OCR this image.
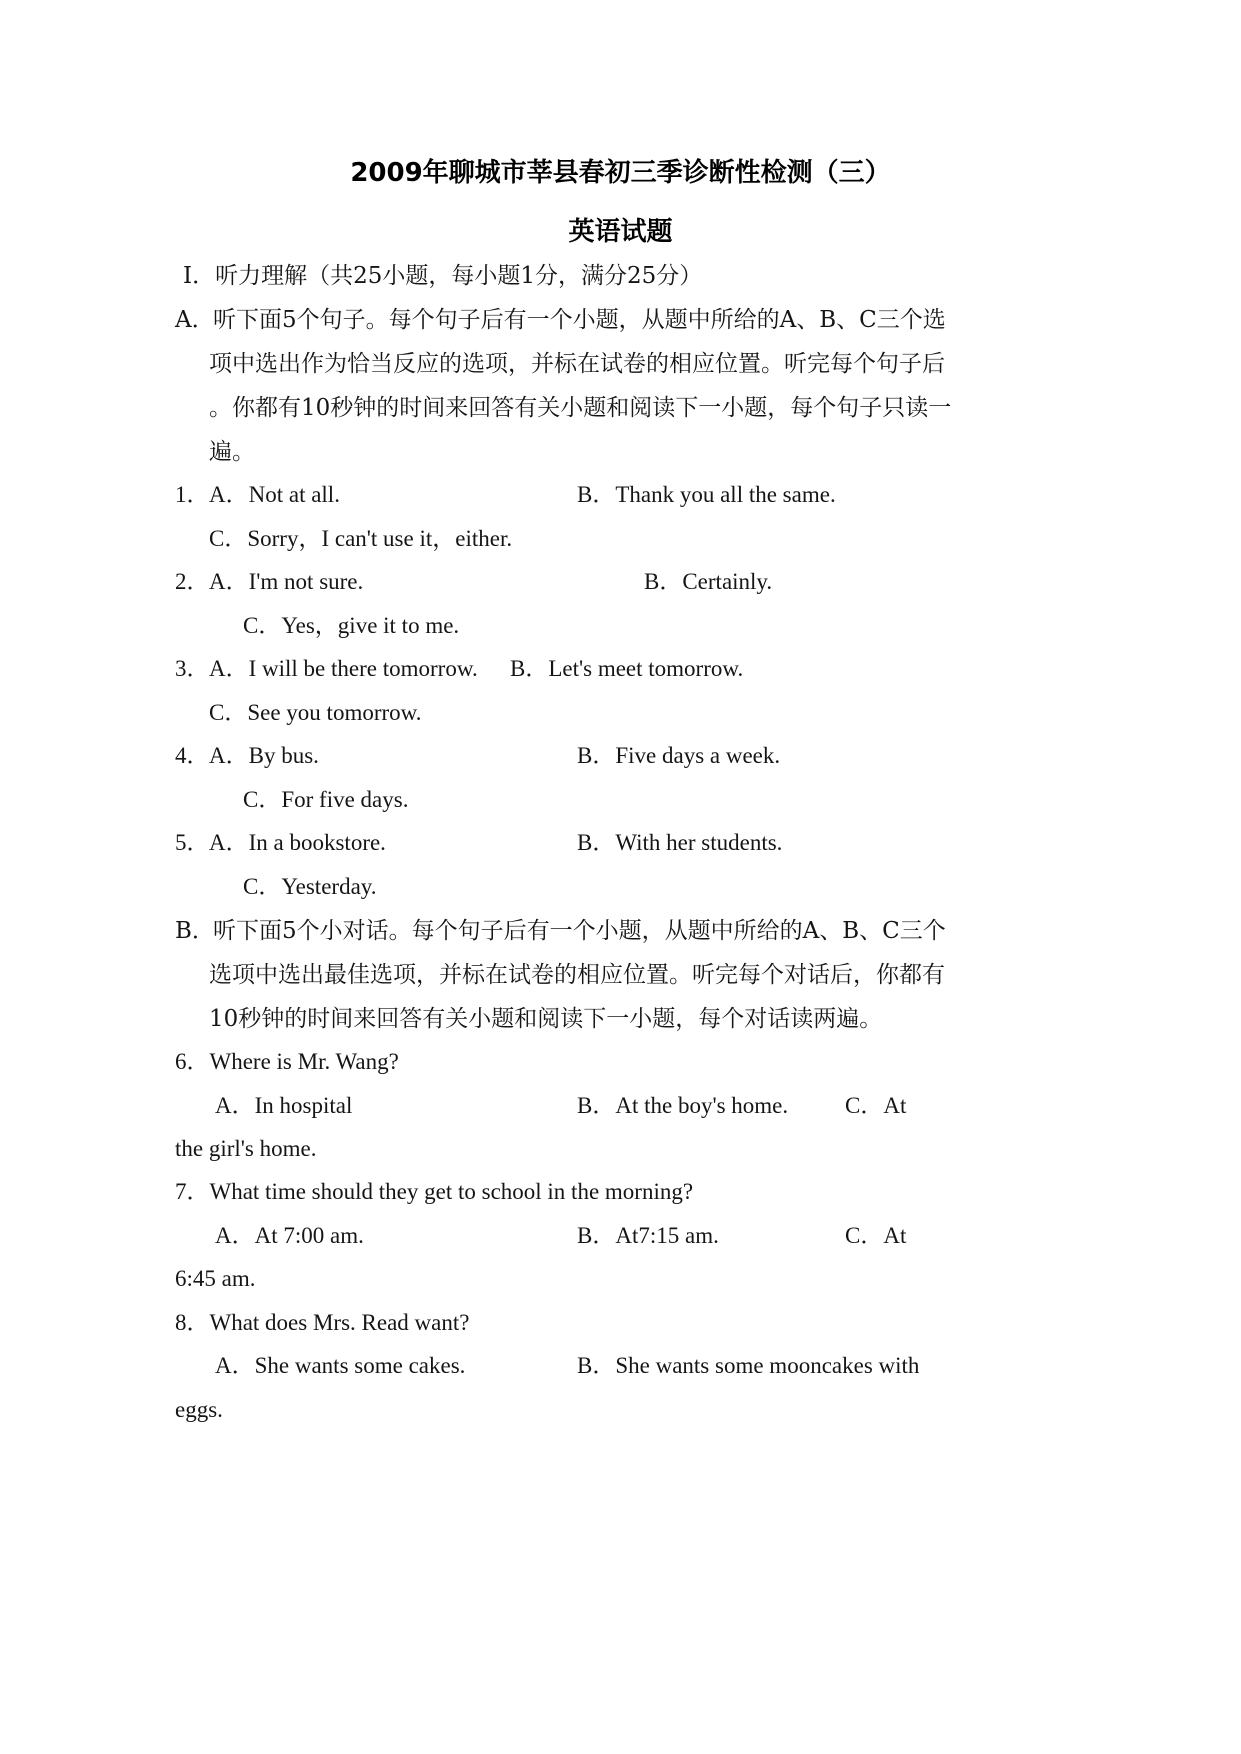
2009年聊城市莘县春初三季诊断性检测（三）
英语试题
Ⅰ．听力理解（共25小题，每小题1分，满分25分）
A．
听下面5个句子。每个句子后有一个小题，从题中所给的A、B、C三个选
项中选出作为恰当反应的选项，并标在试卷的相应位置。听完每个句子后
。你都有10秒钟的时间来回答有关小题和阅读下一小题，每个句子只读一
遍。
1． A．Not at all.	B．Thank you all the same.
C．Sorry，I can't use it，either.
2． A．I'm not sure.	B．Certainly.
C．Yes，give it to me.
3． A．I will be there tomorrow. B．Let's meet tomorrow.
C．See you tomorrow.
4． A．By bus.	B．Five days a week.
C．For five days.
5． A．In a bookstore.	B．With her students.
C．Yesterday.
B．
听下面5个小对话。每个句子后有一个小题，从题中所给的A、B、C三个
选项中选出最佳选项，并标在试卷的相应位置。听完每个对话后，你都有
10秒钟的时间来回答有关小题和阅读下一小题，每个对话读两遍。
6．Where is Mr. Wang?
A．In hospital	B．At the boy's home. C．At
the girl's home.
7．What time should they get to school in the morning?
A．At 7:00 am.	B．At7:15 am.	C．At
6:45 am.
8．What does Mrs. Read want?
A．She wants some cakes.	B．She wants some mooncakes with
eggs.
